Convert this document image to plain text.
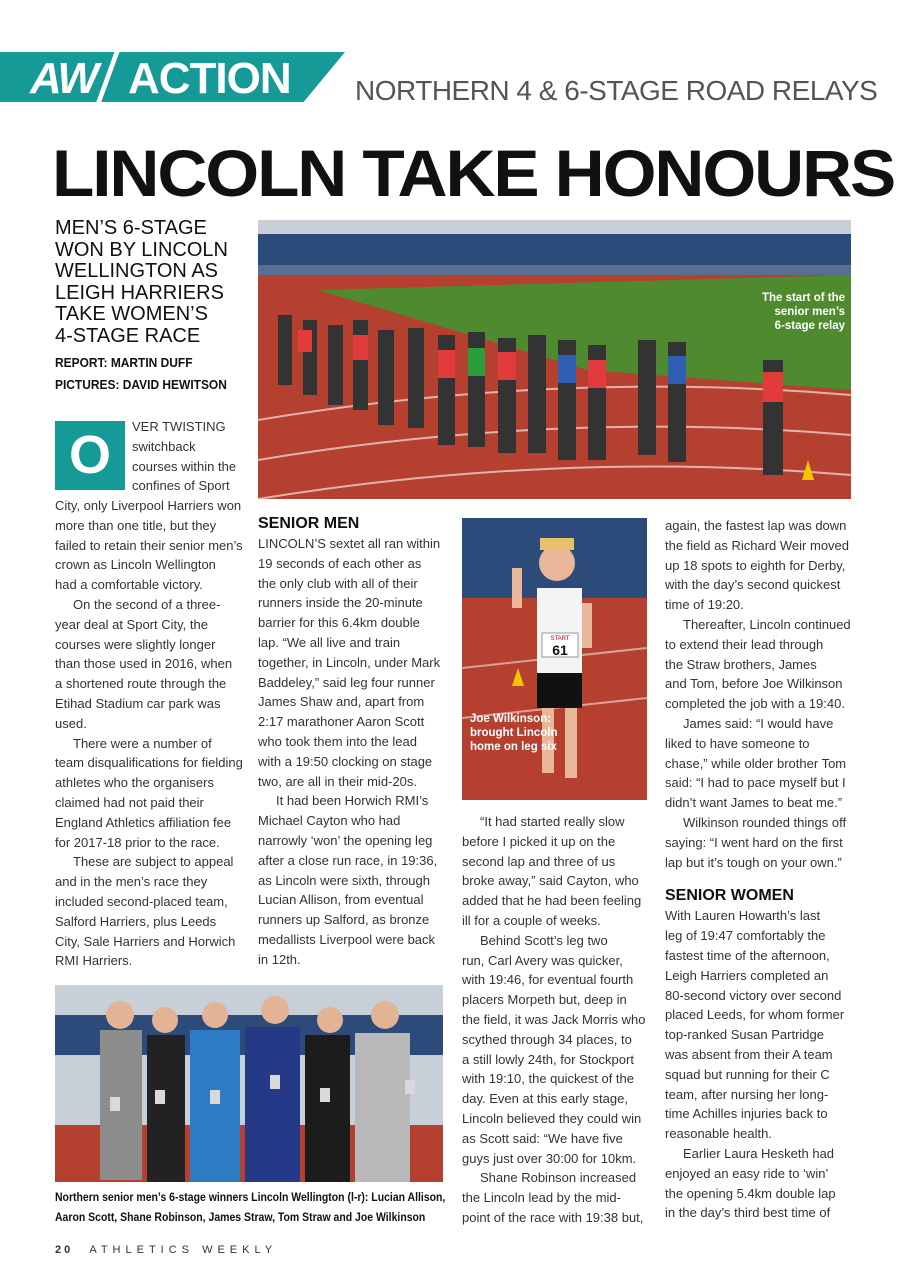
AW ACTION NORTHERN 4 & 6-STAGE ROAD RELAYS
LINCOLN TAKE HONOURS
MEN’S 6-STAGE
WON BY LINCOLN
WELLINGTON AS
LEIGH HARRIERS
TAKE WOMEN’S
4-STAGE RACE
REPORT: MARTIN DUFF
PICTURES: DAVID HEWITSON
The start of the
senior men’s
6-stage relay
START
61
Joe Wilkinson:
brought Lincoln
home on leg six
Northern senior men’s 6-stage winners Lincoln Wellington (l-r): Lucian Allison,
Aaron Scott, Shane Robinson, James Straw, Tom Straw and Joe Wilkinson
O	VER TWISTING
switchback
courses within the
confines of Sport
City, only Liverpool Harriers won
more than one title, but they
failed to retain their senior men’s
crown as Lincoln Wellington
had a comfortable victory.
On the second of a three-
year deal at Sport City, the
courses were slightly longer
than those used in 2016, when
a shortened route through the
Etihad Stadium car park was
used.
There were a number of
team disqualifications for fielding
athletes who the organisers
claimed had not paid their
England Athletics affiliation fee
for 2017-18 prior to the race.
These are subject to appeal
and in the men’s race they
included second-placed team,
Salford Harriers, plus Leeds
City, Sale Harriers and Horwich
RMI Harriers.
SENIOR MEN
LINCOLN’S sextet all ran within
19 seconds of each other as
the only club with all of their
runners inside the 20-minute
barrier for this 6.4km double
lap. “We all live and train
together, in Lincoln, under Mark
Baddeley,” said leg four runner
James Shaw and, apart from
2:17 marathoner Aaron Scott
who took them into the lead
with a 19:50 clocking on stage
two, are all in their mid-20s.
It had been Horwich RMI’s
Michael Cayton who had
narrowly ‘won’ the opening leg
after a close run race, in 19:36,
as Lincoln were sixth, through
Lucian Allison, from eventual
runners up Salford, as bronze
medallists Liverpool were back
in 12th.
“It had started really slow
before I picked it up on the
second lap and three of us
broke away,” said Cayton, who
added that he had been feeling
ill for a couple of weeks.
Behind Scott’s leg two
run, Carl Avery was quicker,
with 19:46, for eventual fourth
placers Morpeth but, deep in
the field, it was Jack Morris who
scythed through 34 places, to
a still lowly 24th, for Stockport
with 19:10, the quickest of the
day. Even at this early stage,
Lincoln believed they could win
as Scott said: “We have five
guys just over 30:00 for 10km.
Shane Robinson increased
the Lincoln lead by the mid-
point of the race with 19:38 but,
again, the fastest lap was down
the field as Richard Weir moved
up 18 spots to eighth for Derby,
with the day’s second quickest
time of 19:20.
Thereafter, Lincoln continued
to extend their lead through
the Straw brothers, James
and Tom, before Joe Wilkinson
completed the job with a 19:40.
James said: “I would have
liked to have someone to
chase,” while older brother Tom
said: “I had to pace myself but I
didn’t want James to beat me.”
Wilkinson rounded things off
saying: “I went hard on the first
lap but it’s tough on your own.”
SENIOR WOMEN
With Lauren Howarth’s last
leg of 19:47 comfortably the
fastest time of the afternoon,
Leigh Harriers completed an
80-second victory over second
placed Leeds, for whom former
top-ranked Susan Partridge
was absent from their A team
squad but running for their C
team, after nursing her long-
time Achilles injuries back to
reasonable health.
Earlier Laura Hesketh had
enjoyed an easy ride to ‘win’
the opening 5.4km double lap
in the day’s third best time of
20 ATHLETICS WEEKLY
